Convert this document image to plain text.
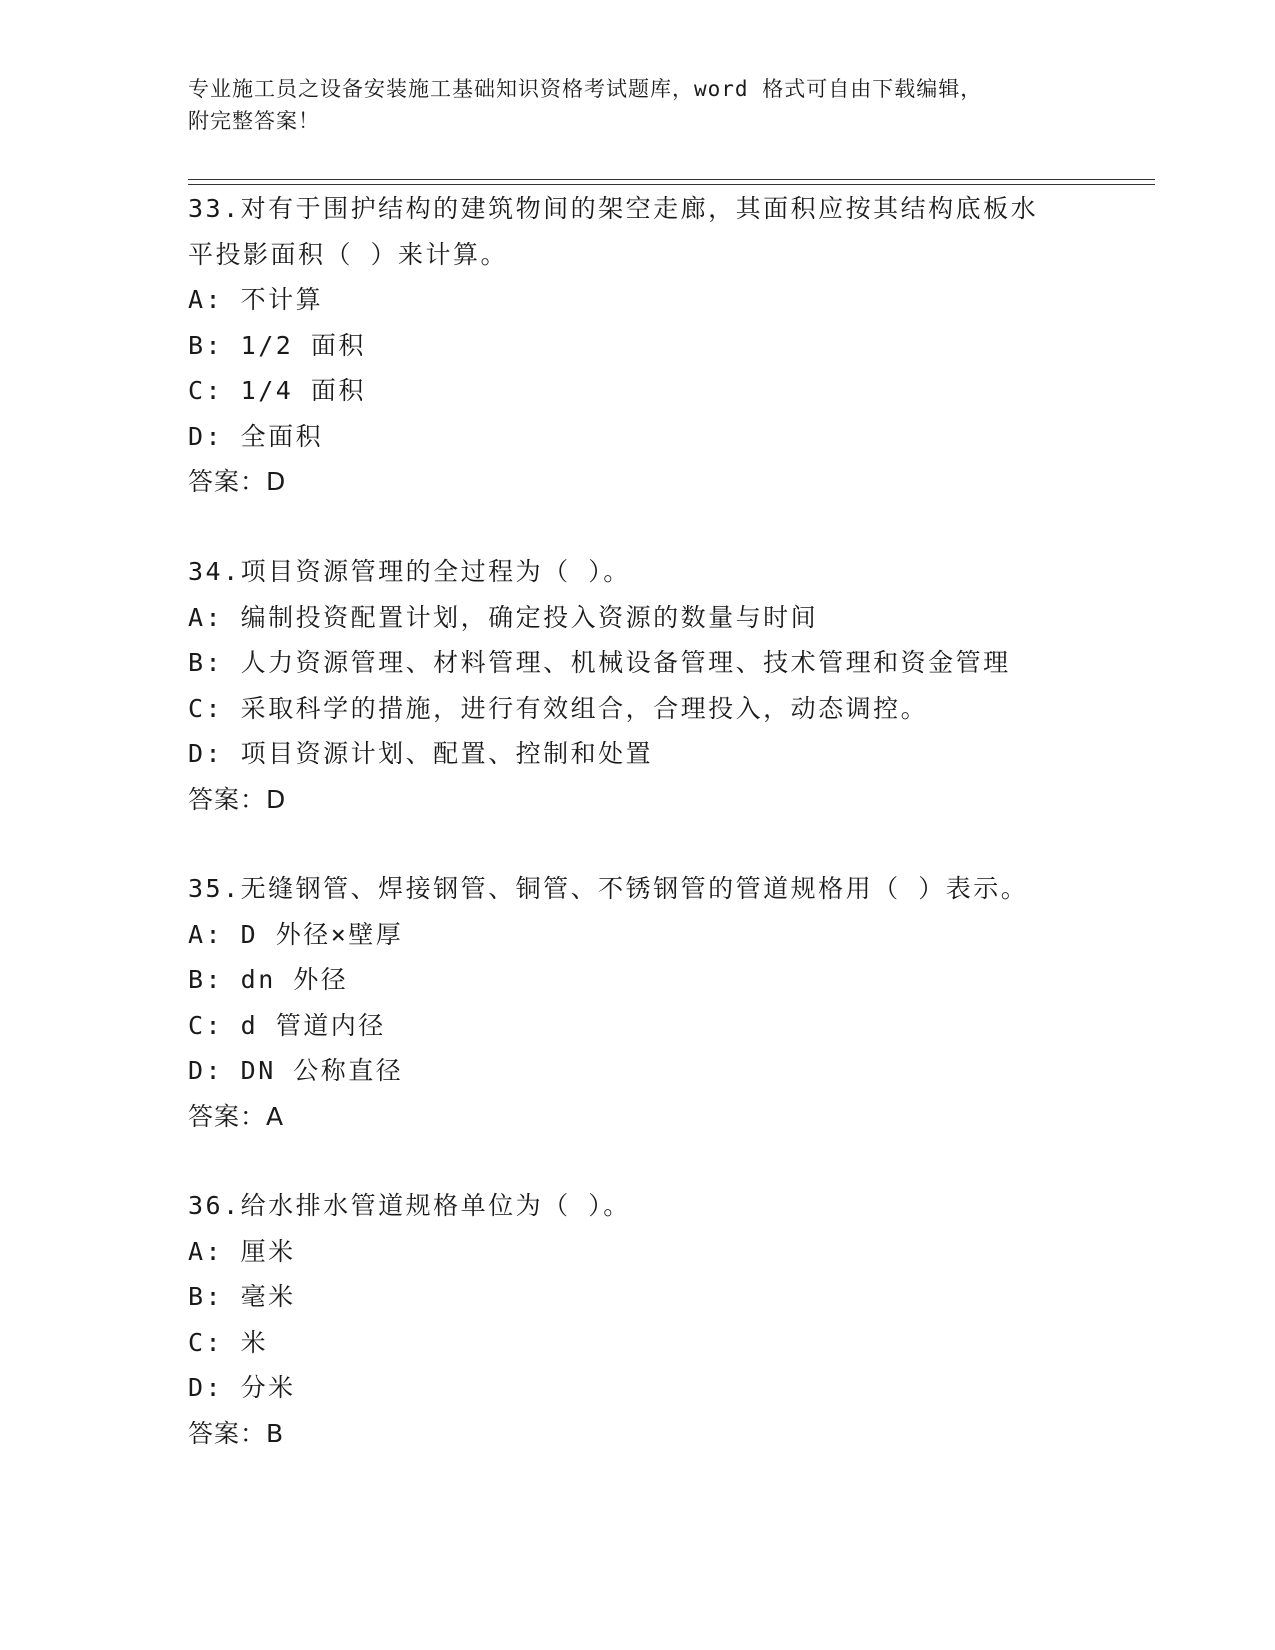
专业施工员之设备安装施工基础知识资格考试题库，word 格式可自由下载编辑，
附完整答案！
33.对有于围护结构的建筑物间的架空走廊，其面积应按其结构底板水
平投影面积（ ）来计算。
A: 不计算
B: 1/2 面积
C: 1/4 面积
D: 全面积
答案：D
34.项目资源管理的全过程为（ ）。
A: 编制投资配置计划，确定投入资源的数量与时间
B: 人力资源管理、材料管理、机械设备管理、技术管理和资金管理
C: 采取科学的措施，进行有效组合，合理投入，动态调控。
D: 项目资源计划、配置、控制和处置
答案：D
35.无缝钢管、焊接钢管、铜管、不锈钢管的管道规格用（ ）表示。
A: D 外径×壁厚
B: dn 外径
C: d 管道内径
D: DN 公称直径
答案：A
36.给水排水管道规格单位为（ ）。
A: 厘米
B: 毫米
C: 米
D: 分米
答案：B
